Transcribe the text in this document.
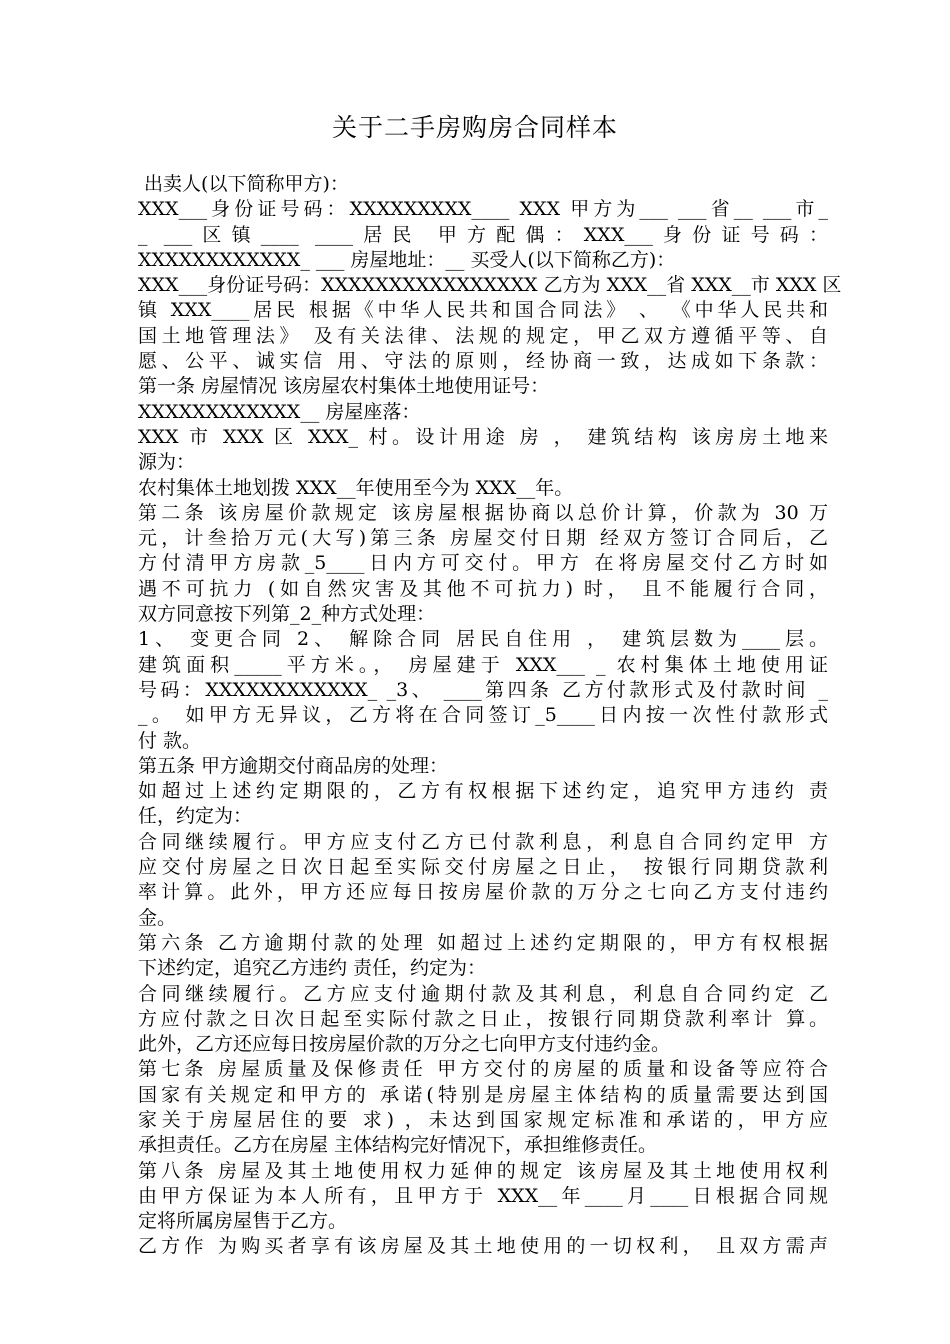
关于二手房购房合同样本
出卖人(以下简称甲方)：
XXX___身份证号码：XXXXXXXXX____ XXX 甲方为___ ___省__ ___市_
_ ___区镇____ ____居民 甲方配偶：XXX___身份证号码：
XXXXXXXXXXXX_ ___ 房屋地址：__ 买受人(以下简称乙方)：
XXX___身份证号码：XXXXXXXXXXXXXXXX 乙方为 XXX__省 XXX__市 XXX 区
镇 XXX____居民 根据《中华人民共和国合同法》 、 《中华人民共和
国土地管理法》 及有关法律、法规的规定，甲乙双方遵循平等、自
愿、公平、诚实信 用、守法的原则，经协商一致，达成如下条款：
第一条 房屋情况 该房屋农村集体土地使用证号：
XXXXXXXXXXXX__ 房屋座落：
XXX 市 XXX 区 XXX_ 村。设计用途 房 ， 建筑结构 该房房土地来
源为：
农村集体土地划拨 XXX__年使用至今为 XXX__年。
第二条 该房屋价款规定 该房屋根据协商以总价计算，价款为 30 万
元，计叁拾万元(大写)第三条 房屋交付日期 经双方签订合同后，乙
方付清甲方房款_5____日内方可交付。甲方 在将房屋交付乙方时如
遇不可抗力 (如自然灾害及其他不可抗力) 时， 且不能履行合同，
双方同意按下列第_2_种方式处理：
1、 变更合同 2、 解除合同 居民自住用 ， 建筑层数为____层。
建筑面积_____平方米。， 房屋建于 XXX___ _ 农村集体土地使用证
号码：XXXXXXXXXXXX_ _3、 ____第四条 乙方付款形式及付款时间 _
_。 如甲方无异议，乙方将在合同签订_5____日内按一次性付款形式
付 款。
第五条 甲方逾期交付商品房的处理：
如超过上述约定期限的，乙方有权根据下述约定，追究甲方违约 责
任，约定为：
合同继续履行。甲方应支付乙方已付款利息，利息自合同约定甲 方
应交付房屋之日次日起至实际交付房屋之日止， 按银行同期贷款利
率计算。此外，甲方还应每日按房屋价款的万分之七向乙方支付违约
金。
第六条 乙方逾期付款的处理 如超过上述约定期限的，甲方有权根据
下述约定，追究乙方违约 责任，约定为：
合同继续履行。乙方应支付逾期付款及其利息，利息自合同约定 乙
方应付款之日次日起至实际付款之日止，按银行同期贷款利率计 算。
此外，乙方还应每日按房屋价款的万分之七向甲方支付违约金。
第七条 房屋质量及保修责任 甲方交付的房屋的质量和设备等应符合
国家有关规定和甲方的 承诺(特别是房屋主体结构的质量需要达到国
家关于房屋居住的要 求) ，未达到国家规定标准和承诺的，甲方应
承担责任。乙方在房屋 主体结构完好情况下，承担维修责任。
第八条 房屋及其土地使用权力延伸的规定 该房屋及其土地使用权利
由甲方保证为本人所有，且甲方于 XXX__年____月____日根据合同规
定将所属房屋售于乙方。
乙方作 为购买者享有该房屋及其土地使用的一切权利， 且双方需声
